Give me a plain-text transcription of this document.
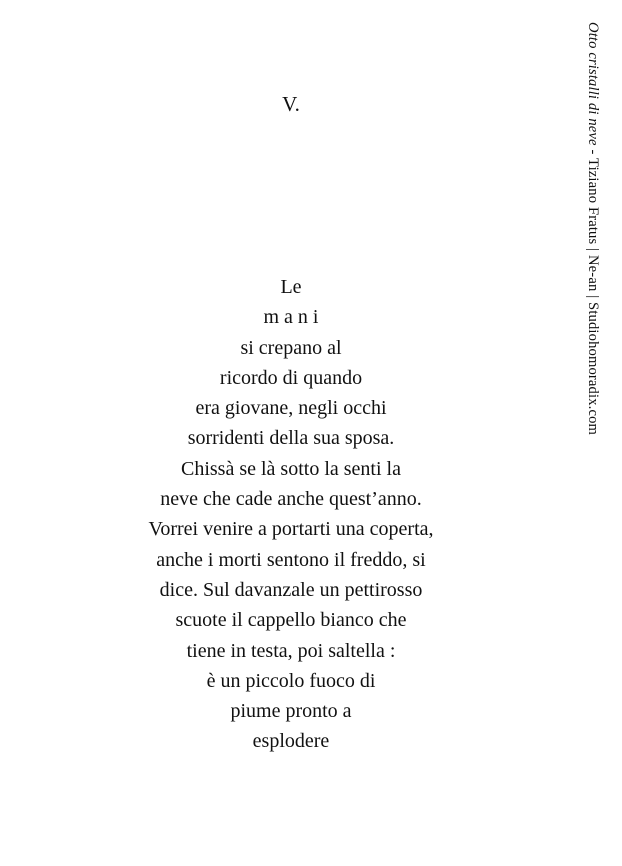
V.
Le
m a n i
si crepano al
ricordo di quando
era giovane, negli occhi
sorridenti della sua sposa.
Chissà se là sotto la senti la
neve che cade anche quest’anno.
Vorrei venire a portarti una coperta,
anche i morti sentono il freddo, si
dice. Sul davanzale un pettirosso
scuote il cappello bianco che
tiene in testa, poi saltella :
è un piccolo fuoco di
piume pronto a
esplodere
Otto cristalli di neve - Tiziano Fratus | Ne-an | Studiohomoradix.com
